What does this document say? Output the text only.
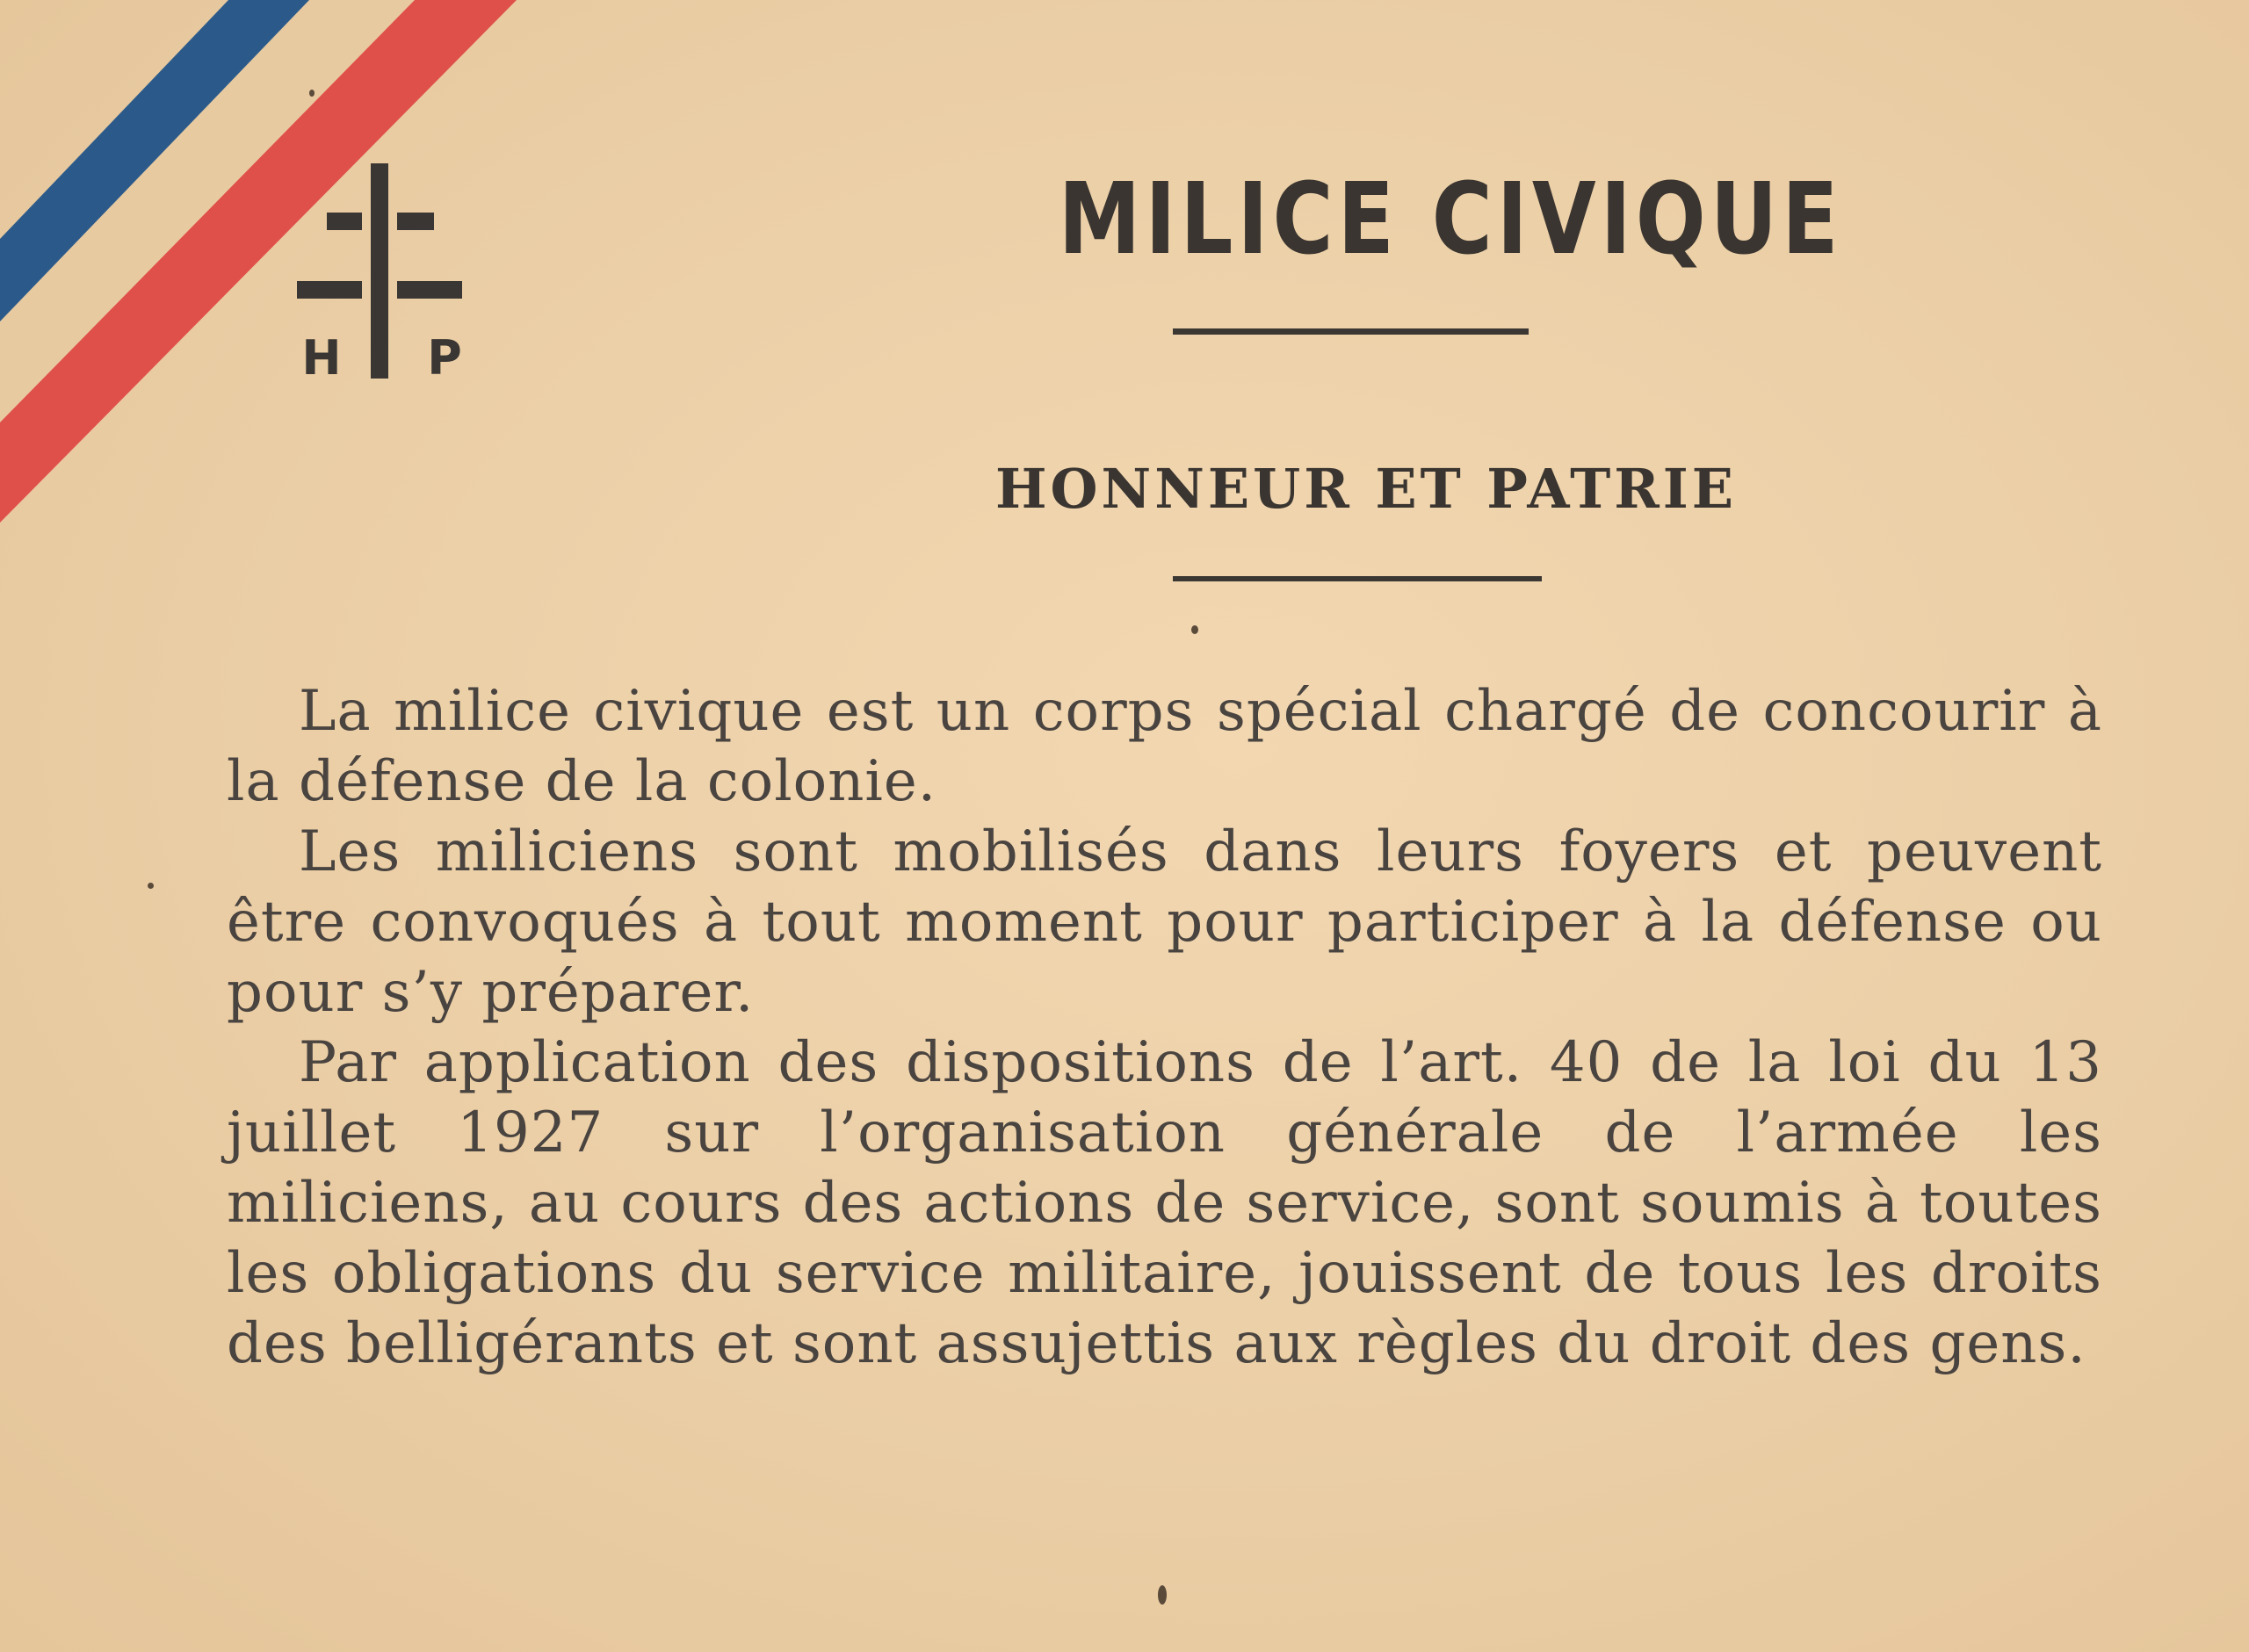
H P
MILICE CIVIQUE
HONNEUR ET PATRIE

La milice civique est un corps spécial chargé de concourir à la défense de la colonie.

Les miliciens sont mobilisés dans leurs foyers et peuvent être convoqués à tout moment pour participer à la défense ou pour s’y préparer.

Par application des dispositions de l’art. 40 de la loi du 13 juillet 1927 sur l’organisation générale de l’armée les miliciens, au cours des actions de service, sont soumis à toutes les obligations du service militaire, jouissent de tous les droits des belligérants et sont assujettis aux règles du droit des gens.
